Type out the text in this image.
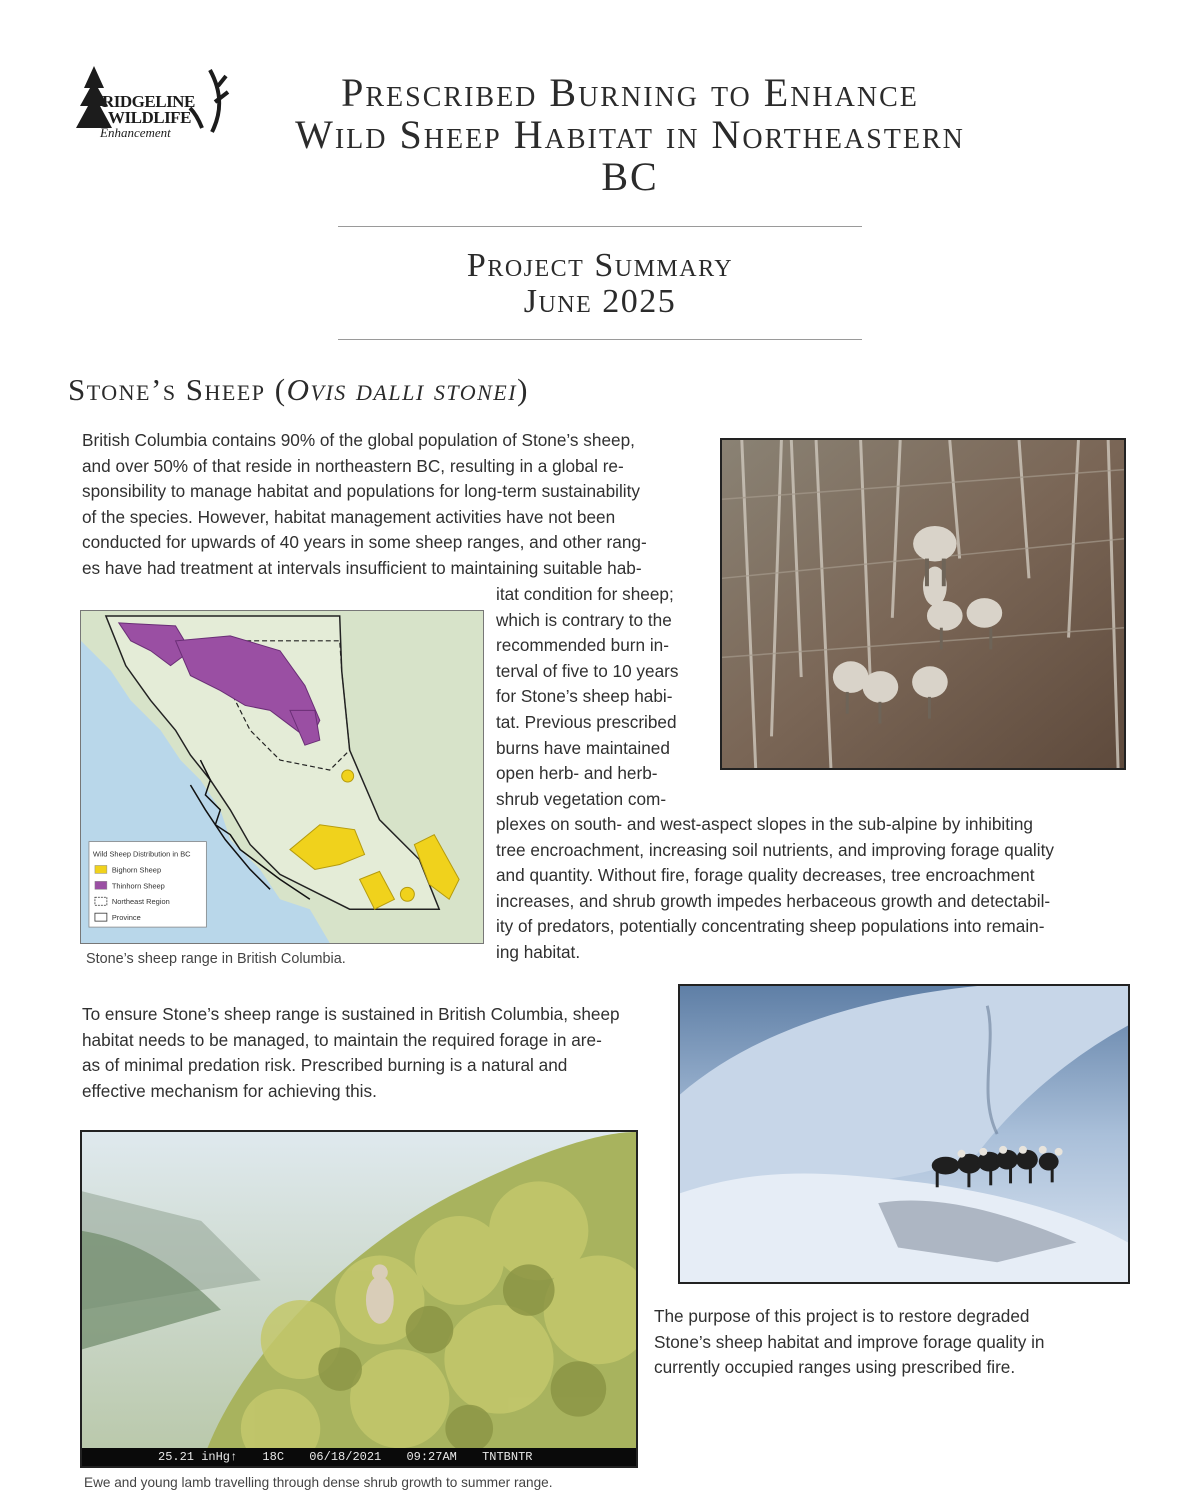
RIDGELINE
WILDLIFE
Enhancement
Prescribed Burning to Enhance
Wild Sheep Habitat in Northeastern
BC
Project Summary
June 2025
Stone’s Sheep (Ovis dalli stonei)
British Columbia contains 90% of the global population of Stone’s sheep,
and over 50% of that reside in northeastern BC, resulting in a global re-
sponsibility to manage habitat and populations for long-term sustainability
of the species. However, habitat management activities have not been
conducted for upwards of 40 years in some sheep ranges, and other rang-
es have had treatment at intervals insufficient to maintaining suitable hab-
itat condition for sheep;
which is contrary to the
recommended burn in-
terval of five to 10 years
for Stone’s sheep habi-
tat. Previous prescribed
burns have maintained
open herb- and herb-
shrub vegetation com-
plexes on south- and west-aspect slopes in the sub-alpine by inhibiting
tree encroachment, increasing soil nutrients, and improving forage quality
and quantity. Without fire, forage quality decreases, tree encroachment
increases, and shrub growth impedes herbaceous growth and detectabil-
ity of predators, potentially concentrating sheep populations into remain-
ing habitat.
Wild Sheep Distribution in BC
Bighorn Sheep
Thinhorn Sheep
Northeast Region
Province

Stone’s sheep range in British Columbia.

To ensure Stone’s sheep range is sustained in British Columbia, sheep
habitat needs to be managed, to maintain the required forage in are-
as of minimal predation risk. Prescribed burning is a natural and
effective mechanism for achieving this.
The purpose of this project is to restore degraded
Stone’s sheep habitat and improve forage quality in
currently occupied ranges using prescribed fire.
25.21 inHg↑ 18C 06/18/2021 09:27AM TNTBNTR
Ewe and young lamb travelling through dense shrub growth to summer range.
